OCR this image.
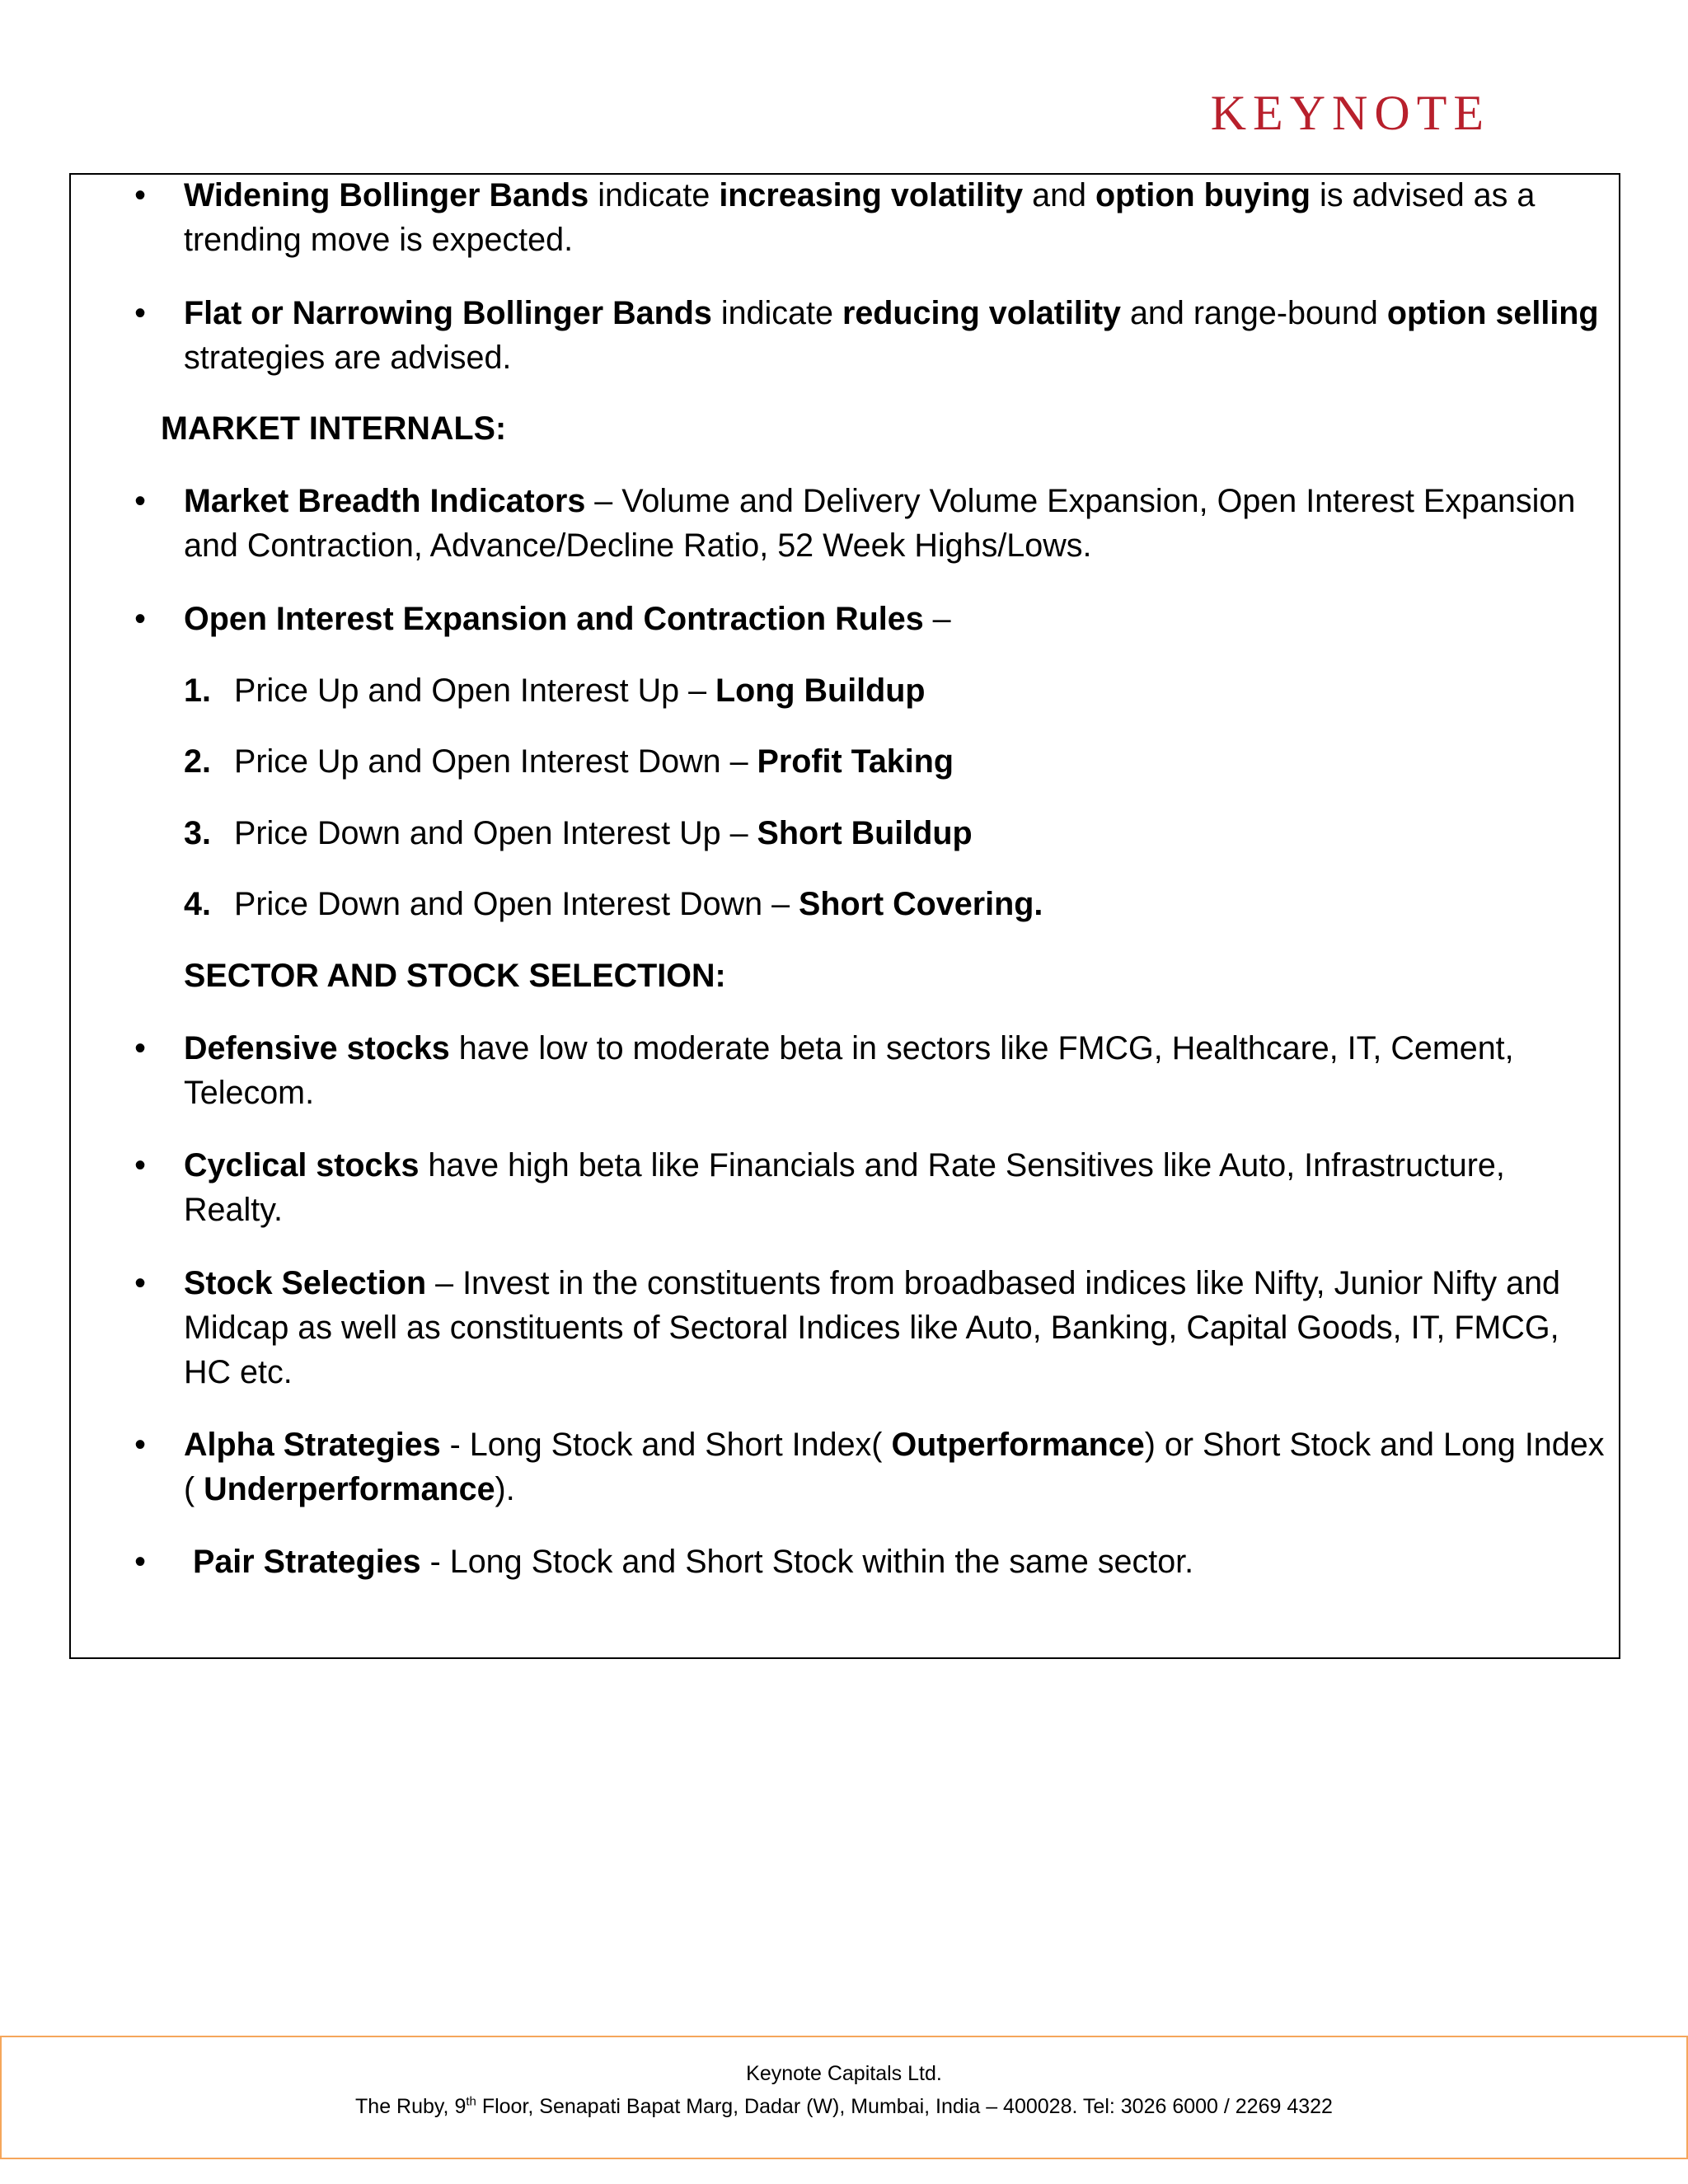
KEYNOTE
• Widening Bollinger Bands indicate increasing volatility and option buying is advised as a trending move is expected.
• Flat or Narrowing Bollinger Bands indicate reducing volatility and range-bound option selling strategies are advised.
MARKET INTERNALS:
• Market Breadth Indicators – Volume and Delivery Volume Expansion, Open Interest Expansion and Contraction, Advance/Decline Ratio, 52 Week Highs/Lows.
• Open Interest Expansion and Contraction Rules –
1. Price Up and Open Interest Up – Long Buildup
2. Price Up and Open Interest Down – Profit Taking
3. Price Down and Open Interest Up – Short Buildup
4. Price Down and Open Interest Down – Short Covering.
SECTOR AND STOCK SELECTION:
• Defensive stocks have low to moderate beta in sectors like FMCG, Healthcare, IT, Cement, Telecom.
• Cyclical stocks have high beta like Financials and Rate Sensitives like Auto, Infrastructure, Realty.
• Stock Selection – Invest in the constituents from broadbased indices like Nifty, Junior Nifty and Midcap as well as constituents of Sectoral Indices like Auto, Banking, Capital Goods, IT, FMCG, HC etc.
• Alpha Strategies - Long Stock and Short Index( Outperformance) or Short Stock and Long Index ( Underperformance).
• Pair Strategies - Long Stock and Short Stock within the same sector.
Keynote Capitals Ltd.
The Ruby, 9th Floor, Senapati Bapat Marg, Dadar (W), Mumbai, India – 400028. Tel: 3026 6000 / 2269 4322
